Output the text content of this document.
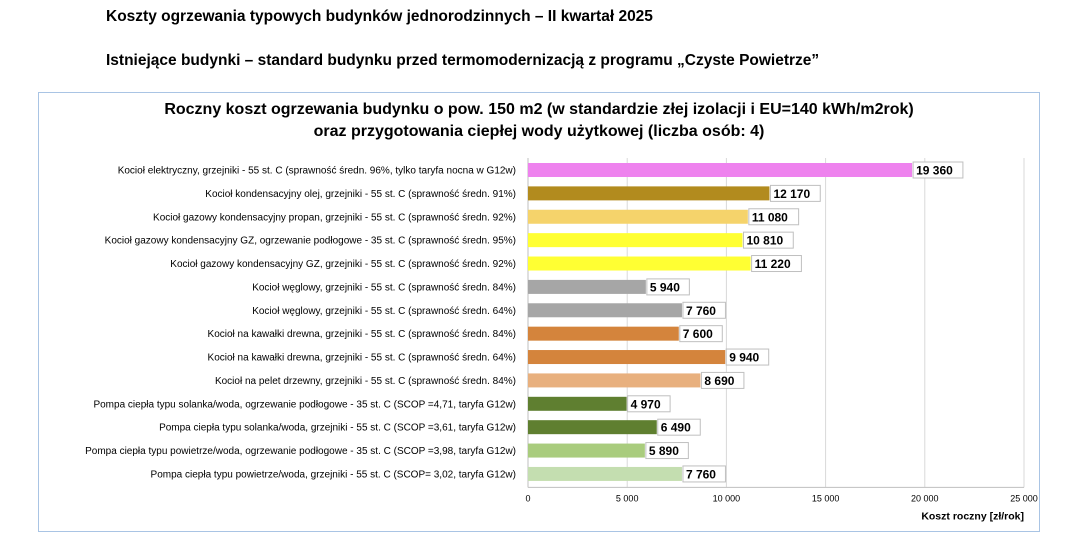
Koszty ogrzewania typowych budynków jednorodzinnych – II kwartał 2025
Istniejące budynki – standard budynku przed termomodernizacją z programu „Czyste Powietrze”
Roczny koszt ogrzewania budynku o pow. 150 m2 (w standardzie złej izolacji i EU=140 kWh/m2rok)
oraz przygotowania ciepłej wody użytkowej (liczba osób: 4)
0	5 000	10 000	15 000	20 000	25 000
Kocioł elektryczny, grzejniki - 55 st. C (sprawność średn. 96%, tylko taryfa nocna w G12w)	19 360
Kocioł kondensacyjny olej, grzejniki - 55 st. C (sprawność średn. 91%)	12 170
Kocioł gazowy kondensacyjny propan, grzejniki - 55 st. C (sprawność średn. 92%)	11 080
Kocioł gazowy kondensacyjny GZ, ogrzewanie podłogowe - 35 st. C (sprawność średn. 95%)	10 810
Kocioł gazowy kondensacyjny GZ, grzejniki - 55 st. C (sprawność średn. 92%)	11 220
Kocioł węglowy, grzejniki - 55 st. C (sprawność średn. 84%)	5 940
Kocioł węglowy, grzejniki - 55 st. C (sprawność średn. 64%)	7 760
Kocioł na kawałki drewna, grzejniki - 55 st. C (sprawność średn. 84%)	7 600
Kocioł na kawałki drewna, grzejniki - 55 st. C (sprawność średn. 64%)	9 940
Kocioł na pelet drzewny, grzejniki - 55 st. C (sprawność średn. 84%)	8 690
Pompa ciepła typu solanka/woda, ogrzewanie podłogowe - 35 st. C (SCOP =4,71, taryfa G12w)	4 970
Pompa ciepła typu solanka/woda, grzejniki - 55 st. C (SCOP =3,61, taryfa G12w)	6 490
Pompa ciepła typu powietrze/woda, ogrzewanie podłogowe - 35 st. C (SCOP =3,98, taryfa G12w)	5 890
Pompa ciepła typu powietrze/woda, grzejniki - 55 st. C (SCOP= 3,02, taryfa G12w)	7 760
Koszt roczny [zł/rok]
